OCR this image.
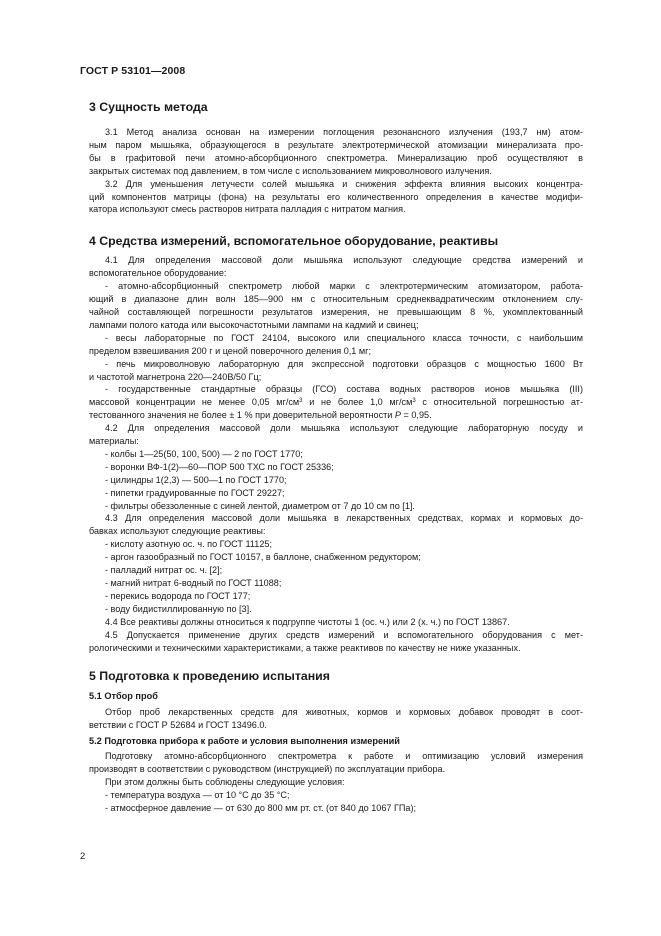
ГОСТ Р 53101—2008
3 Сущность метода

3.1 Метод анализа основан на измерении поглощения резонансного излучения (193,7 нм) атом-

ным паром мышьяка, образующегося в результате электротермической атомизации минерализата про-

бы в графитовой печи атомно-абсорбционного спектрометра. Минерализацию проб осуществляют в

закрытых системах под давлением, в том числе с использованием микроволнового излучения.

3.2 Для уменьшения летучести солей мышьяка и снижения эффекта влияния высоких концентра-

ций компонентов матрицы (фона) на результаты его количественного определения в качестве модифи-

катора используют смесь растворов нитрата палладия с нитратом магния.

4 Средства измерений, вспомогательное оборудование, реактивы

4.1 Для определения массовой доли мышьяка используют следующие средства измерений и

вспомогательное оборудование:

- атомно-абсорбционный спектрометр любой марки с электротермическим атомизатором, работа-

ющий в диапазоне длин волн 185—900 нм с относительным среднеквадратическим отклонением слу-

чайной составляющей погрешности результатов измерения, не превышающим 8 %, укомплектованный

лампами полого катода или высокочастотными лампами на кадмий и свинец;

- весы лабораторные по ГОСТ 24104, высокого или специального класса точности, с наибольшим

пределом взвешивания 200 г и ценой поверочного деления 0,1 мг;

- печь микроволновую лабораторную для экспрессной подготовки образцов с мощностью 1600 Вт

и частотой магнетрона 220—240В/50 Гц;

- государственные стандартные образцы (ГСО) состава водных растворов ионов мышьяка (III)

массовой концентрации не менее 0,05 $мг/см^3$ и не более 1,0 $мг/см^3$ с относительной погрешностью ат-

тестованного значения не более ± 1 % при доверительной вероятности P = 0,95.

4.2 Для определения массовой доли мышьяка используют следующие лабораторную посуду и

материалы:

- колбы 1—25(50, 100, 500) — 2 по ГОСТ 1770;

- воронки ВФ-1(2)—60—ПОР 500 ТХС по ГОСТ 25336;

- цилиндры 1(2,3) — 500—1 по ГОСТ 1770;

- пипетки градуированные по ГОСТ 29227;

- фильтры обеззоленные с синей лентой, диаметром от 7 до 10 см по [1].

4.3 Для определения массовой доли мышьяка в лекарственных средствах, кормах и кормовых до-

бавках используют следующие реактивы:

- кислоту азотную ос. ч. по ГОСТ 11125;

- аргон газообразный по ГОСТ 10157, в баллоне, снабженном редуктором;

- палладий нитрат ос. ч. [2];

- магний нитрат 6-водный по ГОСТ 11088;

- перекись водорода по ГОСТ 177;

- воду бидистиллированную по [3].

4.4 Все реактивы должны относиться к подгруппе чистоты 1 (ос. ч.) или 2 (х. ч.) по ГОСТ 13867.

4.5 Допускается применение других средств измерений и вспомогательного оборудования с мет-

рологическими и техническими характеристиками, а также реактивов по качеству не ниже указанных.

5 Подготовка к проведению испытания
5.1 Отбор проб

Отбор проб лекарственных средств для животных, кормов и кормовых добавок проводят в соот-

ветствии с ГОСТ Р 52684 и ГОСТ 13496.0.

5.2 Подготовка прибора к работе и условия выполнения измерений

Подготовку атомно-абсорбционного спектрометра к работе и оптимизацию условий измерения

производят в соответствии с руководством (инструкцией) по эксплуатации прибора.

При этом должны быть соблюдены следующие условия:

- температура воздуха — от 10 °С до 35 °С;

- атмосферное давление — от 630 до 800 мм рт. ст. (от 840 до 1067 ГПа);

2
